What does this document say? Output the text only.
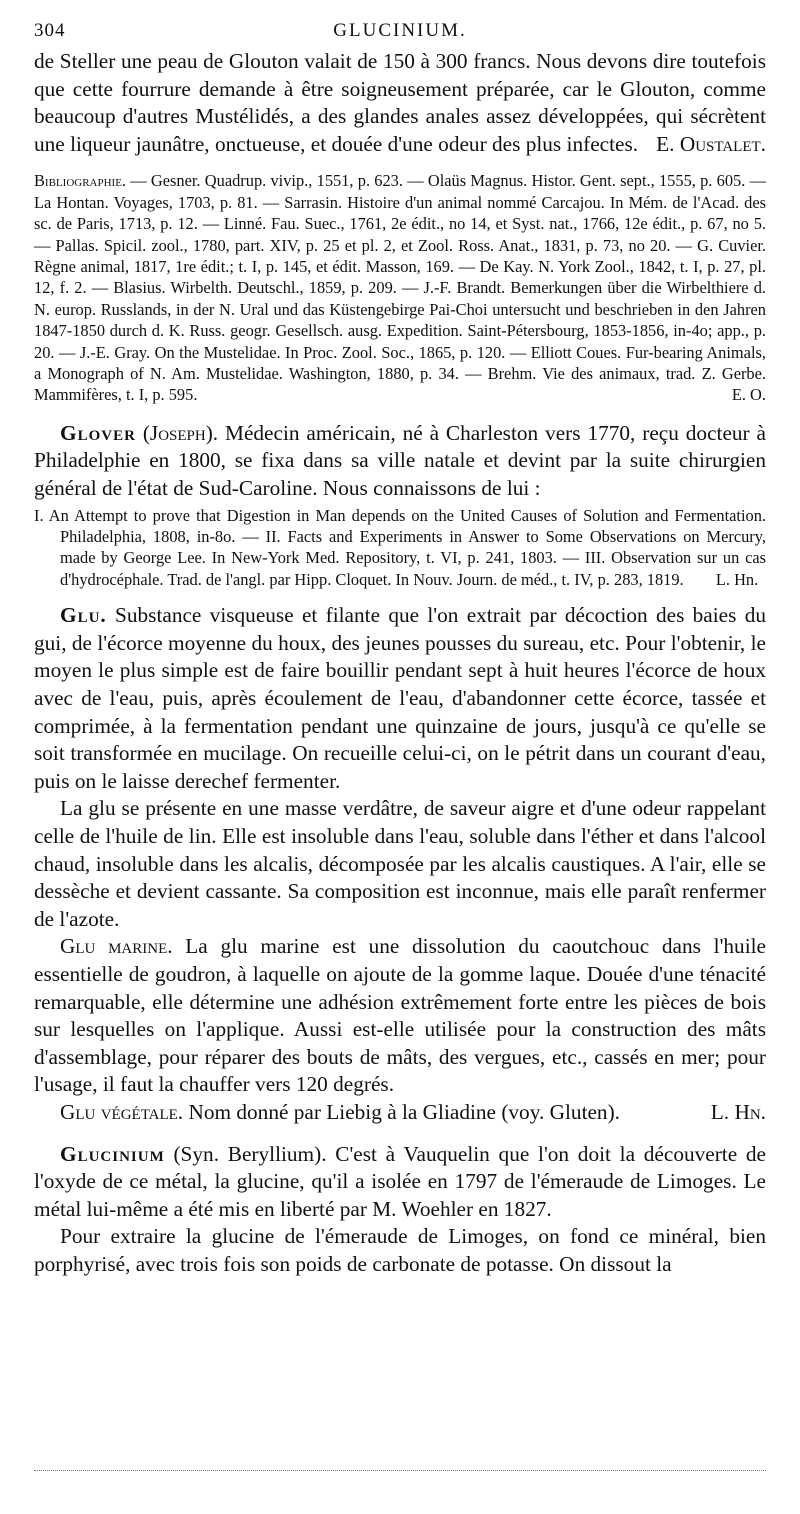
304	GLUCINIUM.

de Steller une peau de Glouton valait de 150 à 300 francs. Nous devons dire toutefois que cette fourrure demande à être soigneusement préparée, car le Glouton, comme beaucoup d'autres Mustélidés, a des glandes anales assez développées, qui sécrètent une liqueur jaunâtre, onctueuse, et douée d'une odeur des plus infectes. E. Oustalet.

Bibliographie. — Gesner. Quadrup. vivip., 1551, p. 623. — Olaüs Magnus. Histor. Gent. sept., 1555, p. 605. — La Hontan. Voyages, 1703, p. 81. — Sarrasin. Histoire d'un animal nommé Carcajou. In Mém. de l'Acad. des sc. de Paris, 1713, p. 12. — Linné. Fau. Suec., 1761, 2e édit., no 14, et Syst. nat., 1766, 12e édit., p. 67, no 5. — Pallas. Spicil. zool., 1780, part. XIV, p. 25 et pl. 2, et Zool. Ross. Anat., 1831, p. 73, no 20. — G. Cuvier. Règne animal, 1817, 1re édit.; t. I, p. 145, et édit. Masson, 169. — De Kay. N. York Zool., 1842, t. I, p. 27, pl. 12, f. 2. — Blasius. Wirbelth. Deutschl., 1859, p. 209. — J.-F. Brandt. Bemerkungen über die Wirbelthiere d. N. europ. Russlands, in der N. Ural und das Küstengebirge Pai-Choi untersucht und beschrieben in den Jahren 1847-1850 durch d. K. Russ. geogr. Gesellsch. ausg. Expedition. Saint-Pétersbourg, 1853-1856, in-4o; app., p. 20. — J.-E. Gray. On the Mustelidae. In Proc. Zool. Soc., 1865, p. 120. — Elliott Coues. Fur-bearing Animals, a Monograph of N. Am. Mustelidae. Washington, 1880, p. 34. — Brehm. Vie des animaux, trad. Z. Gerbe. Mammifères, t. I, p. 595.	E. O.

Glover (Joseph). Médecin américain, né à Charleston vers 1770, reçu docteur à Philadelphie en 1800, se fixa dans sa ville natale et devint par la suite chirurgien général de l'état de Sud-Caroline. Nous connaissons de lui :

I. An Attempt to prove that Digestion in Man depends on the United Causes of Solution and Fermentation. Philadelphia, 1808, in-8o. — II. Facts and Experiments in Answer to Some Observations on Mercury, made by George Lee. In New-York Med. Repository, t. VI, p. 241, 1803. — III. Observation sur un cas d'hydrocéphale. Trad. de l'angl. par Hipp. Cloquet. In Nouv. Journ. de méd., t. IV, p. 283, 1819. L. Hn.

Glu. Substance visqueuse et filante que l'on extrait par décoction des baies du gui, de l'écorce moyenne du houx, des jeunes pousses du sureau, etc. Pour l'obtenir, le moyen le plus simple est de faire bouillir pendant sept à huit heures l'écorce de houx avec de l'eau, puis, après écoulement de l'eau, d'abandonner cette écorce, tassée et comprimée, à la fermentation pendant une quinzaine de jours, jusqu'à ce qu'elle se soit transformée en mucilage. On recueille celui-ci, on le pétrit dans un courant d'eau, puis on le laisse derechef fermenter.

La glu se présente en une masse verdâtre, de saveur aigre et d'une odeur rappelant celle de l'huile de lin. Elle est insoluble dans l'eau, soluble dans l'éther et dans l'alcool chaud, insoluble dans les alcalis, décomposée par les alcalis caustiques. A l'air, elle se dessèche et devient cassante. Sa composition est inconnue, mais elle paraît renfermer de l'azote.

Glu marine. La glu marine est une dissolution du caoutchouc dans l'huile essentielle de goudron, à laquelle on ajoute de la gomme laque. Douée d'une ténacité remarquable, elle détermine une adhésion extrêmement forte entre les pièces de bois sur lesquelles on l'applique. Aussi est-elle utilisée pour la construction des mâts d'assemblage, pour réparer des bouts de mâts, des vergues, etc., cassés en mer; pour l'usage, il faut la chauffer vers 120 degrés.

Glu végétale. Nom donné par Liebig à la Gliadine (voy. Gluten).	L. Hn.

Glucinium (Syn. Beryllium). C'est à Vauquelin que l'on doit la découverte de l'oxyde de ce métal, la glucine, qu'il a isolée en 1797 de l'émeraude de Limoges. Le métal lui-même a été mis en liberté par M. Woehler en 1827.

Pour extraire la glucine de l'émeraude de Limoges, on fond ce minéral, bien porphyrisé, avec trois fois son poids de carbonate de potasse. On dissout la
